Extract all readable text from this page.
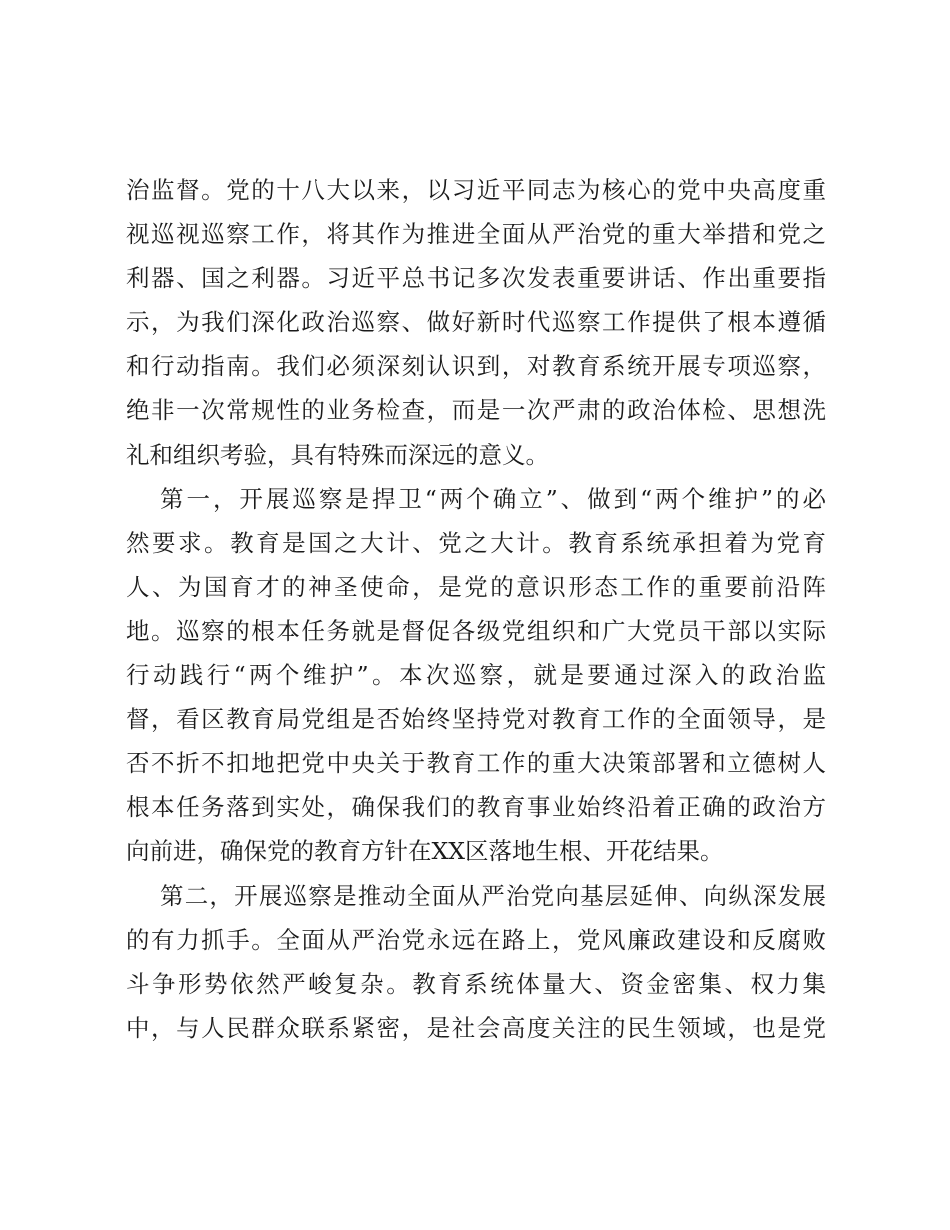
治监督。党的十八大以来，以习近平同志为核心的党中央高度重
视巡视巡察工作，将其作为推进全面从严治党的重大举措和党之
利器、国之利器。习近平总书记多次发表重要讲话、作出重要指
示，为我们深化政治巡察、做好新时代巡察工作提供了根本遵循
和行动指南。我们必须深刻认识到，对教育系统开展专项巡察，
绝非一次常规性的业务检查，而是一次严肃的政治体检、思想洗
礼和组织考验，具有特殊而深远的意义。
第一，开展巡察是捍卫“两个确立”、做到“两个维护”的必
然要求。教育是国之大计、党之大计。教育系统承担着为党育
人、为国育才的神圣使命，是党的意识形态工作的重要前沿阵
地。巡察的根本任务就是督促各级党组织和广大党员干部以实际
行动践行“两个维护”。本次巡察，就是要通过深入的政治监
督，看区教育局党组是否始终坚持党对教育工作的全面领导，是
否不折不扣地把党中央关于教育工作的重大决策部署和立德树人
根本任务落到实处，确保我们的教育事业始终沿着正确的政治方
向前进，确保党的教育方针在XX区落地生根、开花结果。
第二，开展巡察是推动全面从严治党向基层延伸、向纵深发展
的有力抓手。全面从严治党永远在路上，党风廉政建设和反腐败
斗争形势依然严峻复杂。教育系统体量大、资金密集、权力集
中，与人民群众联系紧密，是社会高度关注的民生领域，也是党
